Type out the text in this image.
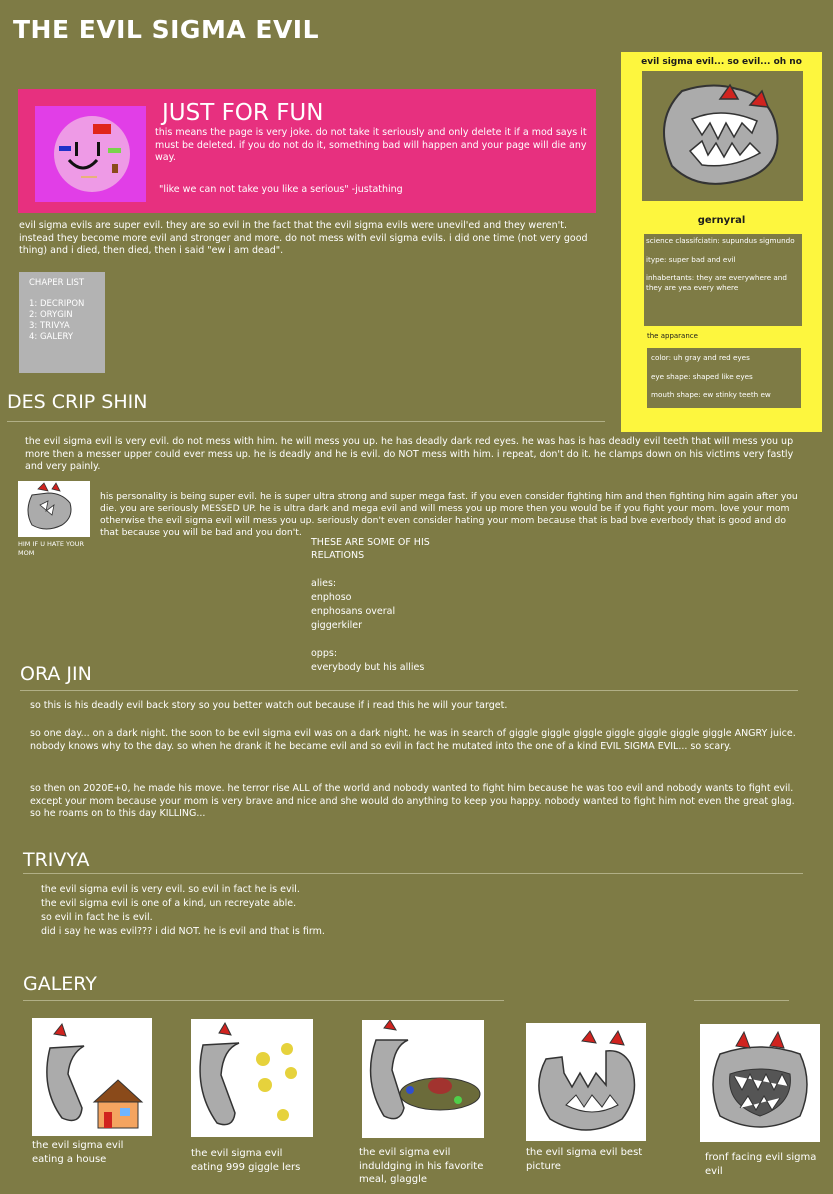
THE EVIL SIGMA EVIL
JUST FOR FUN
this means the page is very joke. do not take it seriously and only delete it if a mod says it must be deleted. if you do not do it, something bad will happen and your page will die any way.
"like we can not take you like a serious" -justathing
evil sigma evils are super evil. they are so evil in the fact that the evil sigma evils were unevil'ed and they weren't. instead they become more evil and stronger and more. do not mess with evil sigma evils. i did one time (not very good thing) and i died, then died, then i said "ew i am dead".
CHAPER LIST
1: DECRIPON
2: ORYGIN
3: TRIVYA
4: GALERY
evil sigma evil... so evil... oh no
gernyral

science classifciatin: supundus sigmundo

itype: super bad and evil

inhabertants: they are everywhere and they are yea every where

the apparance

color: uh gray and red eyes

eye shape: shaped like eyes

mouth shape: ew stinky teeth ew

DES CRIP SHIN
the evil sigma evil is very evil. do not mess with him. he will mess you up. he has deadly dark red eyes. he was has is has deadly evil teeth that will mess you up more then a messer upper could ever mess up. he is deadly and he is evil. do NOT mess with him. i repeat, don't do it. he clamps down on his victims very fastly and very painly.
HIM IF U HATE YOUR MOM
his personality is being super evil. he is super ultra strong and super mega fast. if you even consider fighting him and then fighting him again after you die. you are seriously MESSED UP. he is ultra dark and mega evil and will mess you up more then you would be if you fight your mom. love your mom otherwise the evil sigma evil will mess you up. seriously don't even consider hating your mom because that is bad bve everbody that is good and do that because you will be bad and you don't.
THESE ARE SOME OF HIS RELATIONS
alies:
enphoso
enphosans overal
giggerkiler
opps:
everybody but his allies
ORA JIN
so this is his deadly evil back story so you better watch out because if i read this he will your target.
so one day... on a dark night. the soon to be evil sigma evil was on a dark night. he was in search of giggle giggle giggle giggle giggle giggle giggle ANGRY juice. nobody knows why to the day. so when he drank it he became evil and so evil in fact he mutated into the one of a kind EVIL SIGMA EVIL... so scary.
so then on 2020E+0, he made his move. he terror rise ALL of the world and nobody wanted to fight him because he was too evil and nobody wants to fight evil. except your mom because your mom is very brave and nice and she would do anything to keep you happy. nobody wanted to fight him not even the great glag. so he roams on to this day KILLING...
TRIVYA
the evil sigma evil is very evil. so evil in fact he is evil.
the evil sigma evil is one of a kind, un recreyate able.
so evil in fact he is evil.
did i say he was evil??? i did NOT. he is evil and that is firm.
GALERY
the evil sigma evil eating a house	the evil sigma evil eating 999 giggle lers
the evil sigma evil induldging in his favorite meal, glaggle
the evil sigma evil best picture
fronf facing evil sigma evil
